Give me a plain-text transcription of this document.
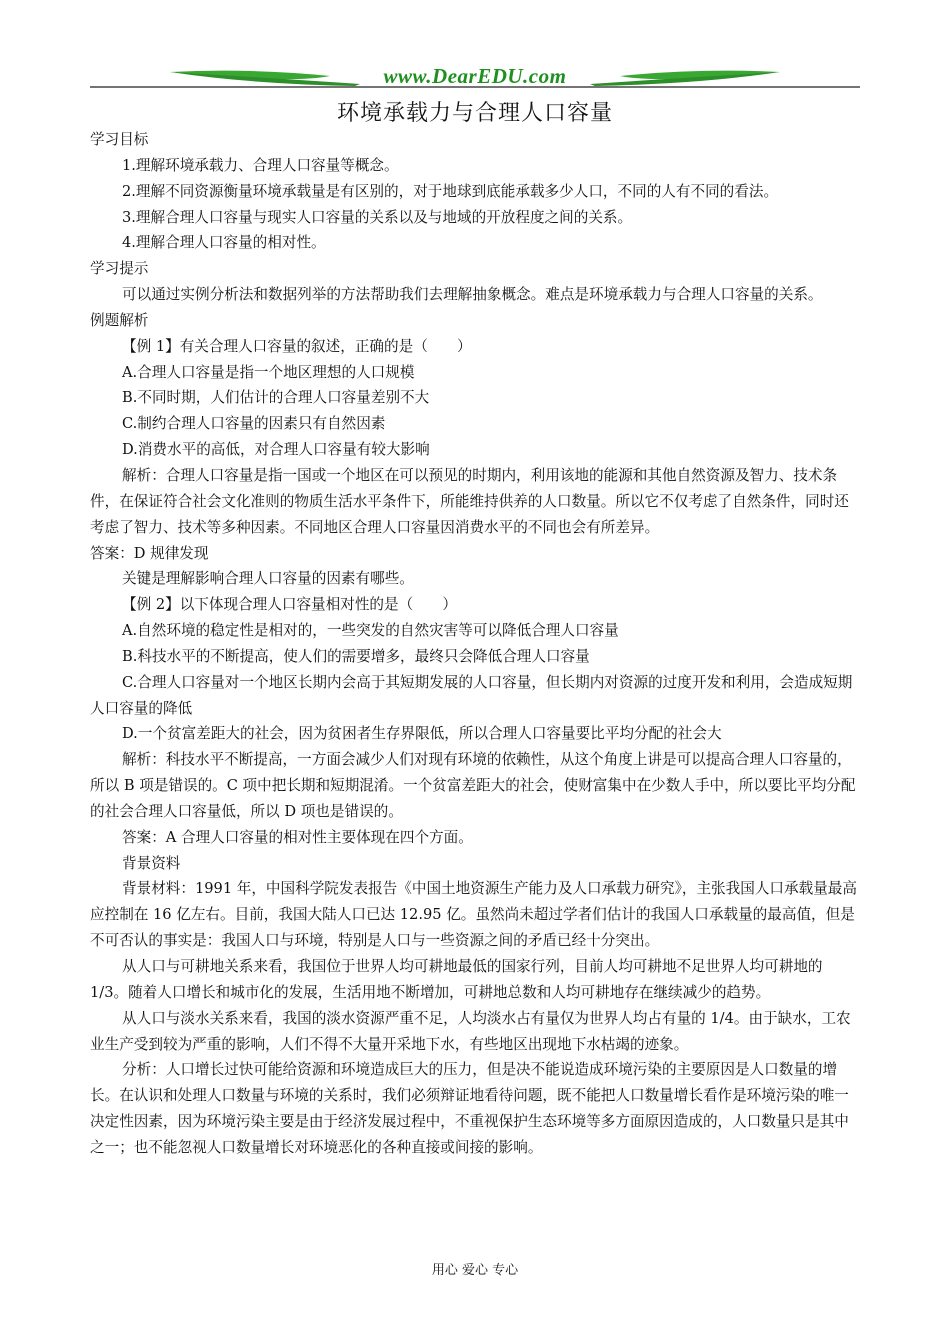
www.DearEDU.com
环境承载力与合理人口容量

学习目标

1.理解环境承载力、合理人口容量等概念。

2.理解不同资源衡量环境承载量是有区别的，对于地球到底能承载多少人口，不同的人有不同的看法。

3.理解合理人口容量与现实人口容量的关系以及与地域的开放程度之间的关系。

4.理解合理人口容量的相对性。

学习提示

可以通过实例分析法和数据列举的方法帮助我们去理解抽象概念。难点是环境承载力与合理人口容量的关系。

例题解析

【例 1】有关合理人口容量的叙述，正确的是（　　）

A.合理人口容量是指一个地区理想的人口规模

B.不同时期，人们估计的合理人口容量差别不大

C.制约合理人口容量的因素只有自然因素

D.消费水平的高低，对合理人口容量有较大影响

解析：合理人口容量是指一国或一个地区在可以预见的时期内，利用该地的能源和其他自然资源及智力、技术条件，在保证符合社会文化准则的物质生活水平条件下，所能维持供养的人口数量。所以它不仅考虑了自然条件，同时还考虑了智力、技术等多种因素。不同地区合理人口容量因消费水平的不同也会有所差异。

答案：D 规律发现

关键是理解影响合理人口容量的因素有哪些。

【例 2】以下体现合理人口容量相对性的是（　　）

A.自然环境的稳定性是相对的，一些突发的自然灾害等可以降低合理人口容量

B.科技水平的不断提高，使人们的需要增多，最终只会降低合理人口容量

C.合理人口容量对一个地区长期内会高于其短期发展的人口容量，但长期内对资源的过度开发和利用，会造成短期人口容量的降低

D.一个贫富差距大的社会，因为贫困者生存界限低，所以合理人口容量要比平均分配的社会大

解析：科技水平不断提高，一方面会减少人们对现有环境的依赖性，从这个角度上讲是可以提高合理人口容量的，所以 B 项是错误的。C 项中把长期和短期混淆。一个贫富差距大的社会，使财富集中在少数人手中，所以要比平均分配的社会合理人口容量低，所以 D 项也是错误的。

答案：A 合理人口容量的相对性主要体现在四个方面。

背景资料

背景材料：1991 年，中国科学院发表报告《中国土地资源生产能力及人口承载力研究》，主张我国人口承载量最高应控制在 16 亿左右。目前，我国大陆人口已达 12.95 亿。虽然尚未超过学者们估计的我国人口承载量的最高值，但是不可否认的事实是：我国人口与环境，特别是人口与一些资源之间的矛盾已经十分突出。

从人口与可耕地关系来看，我国位于世界人均可耕地最低的国家行列，目前人均可耕地不足世界人均可耕地的 1/3。随着人口增长和城市化的发展，生活用地不断增加，可耕地总数和人均可耕地存在继续减少的趋势。

从人口与淡水关系来看，我国的淡水资源严重不足，人均淡水占有量仅为世界人均占有量的 1/4。由于缺水，工农业生产受到较为严重的影响，人们不得不大量开采地下水，有些地区出现地下水枯竭的迹象。

分析：人口增长过快可能给资源和环境造成巨大的压力，但是决不能说造成环境污染的主要原因是人口数量的增长。在认识和处理人口数量与环境的关系时，我们必须辩证地看待问题，既不能把人口数量增长看作是环境污染的唯一决定性因素，因为环境污染主要是由于经济发展过程中，不重视保护生态环境等多方面原因造成的，人口数量只是其中之一；也不能忽视人口数量增长对环境恶化的各种直接或间接的影响。

用心 爱心 专心
